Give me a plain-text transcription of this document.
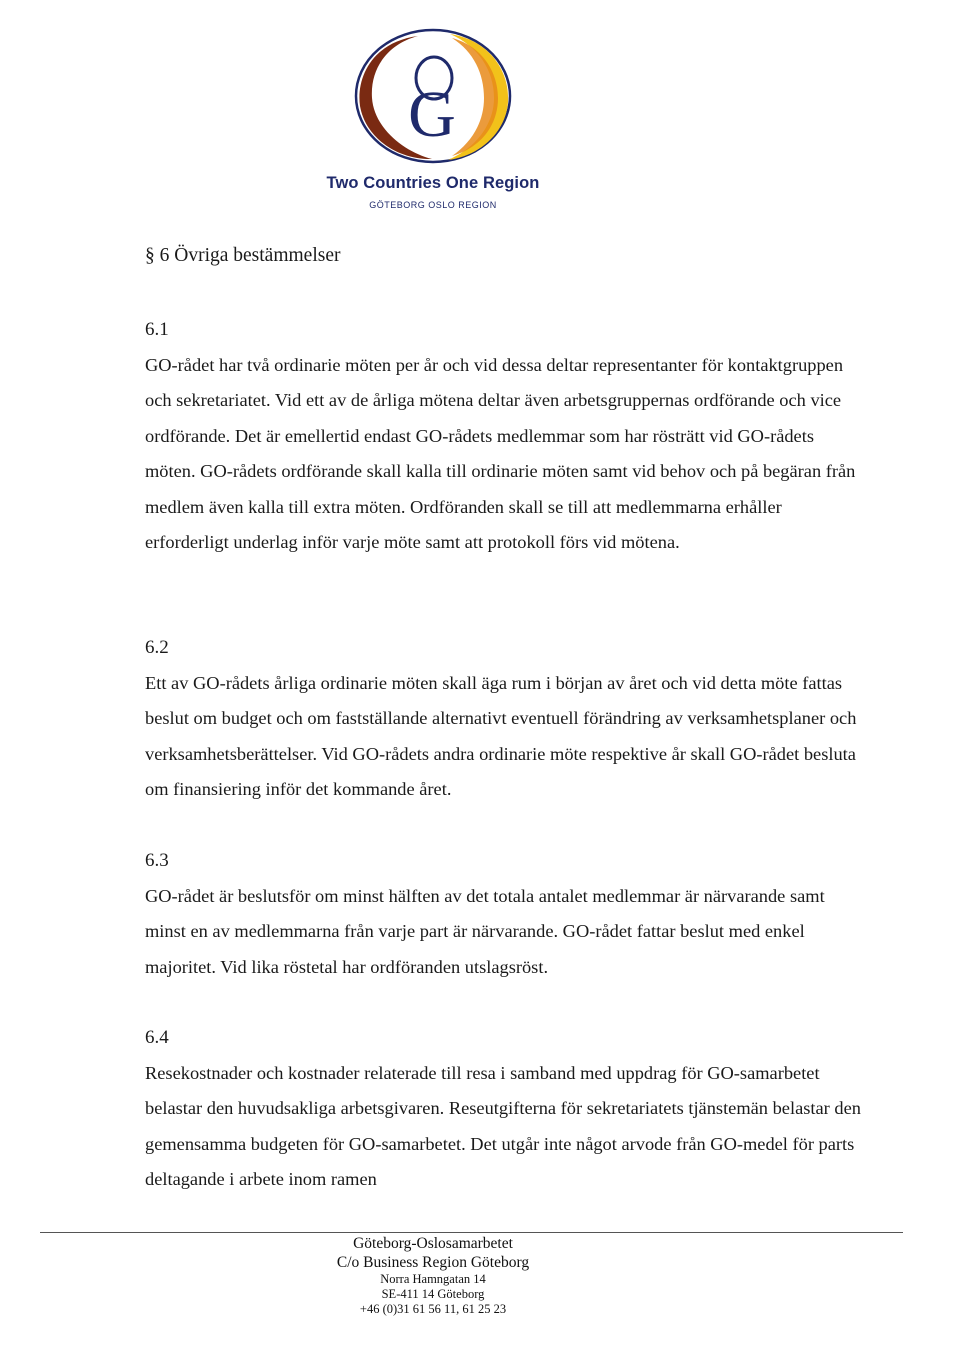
G
Two Countries One Region
GÖTEBORG OSLO REGION
§ 6 Övriga bestämmelser
6.1

GO-rådet har två ordinarie möten per år och vid dessa deltar representanter för kontaktgruppen och sekretariatet. Vid ett av de årliga mötena deltar även arbetsgruppernas ordförande och vice ordförande. Det är emellertid endast GO-rådets medlemmar som har rösträtt vid GO-rådets möten. GO-rådets ordförande skall kalla till ordinarie möten samt vid behov och på begäran från medlem även kalla till extra möten. Ordföranden skall se till att medlemmarna erhåller erforderligt underlag inför varje möte samt att protokoll förs vid mötena.

6.2

Ett av GO-rådets årliga ordinarie möten skall äga rum i början av året och vid detta möte fattas beslut om budget och om fastställande alternativt eventuell förändring av verksamhetsplaner och verksamhetsberättelser. Vid GO-rådets andra ordinarie möte respektive år skall GO-rådet besluta om finansiering inför det kommande året.

6.3

GO-rådet är beslutsför om minst hälften av det totala antalet medlemmar är närvarande samt minst en av medlemmarna från varje part är närvarande. GO-rådet fattar beslut med enkel majoritet. Vid lika röstetal har ordföranden utslagsröst.

6.4

Resekostnader och kostnader relaterade till resa i samband med uppdrag för GO-samarbetet belastar den huvudsakliga arbetsgivaren. Reseutgifterna för sekretariatets tjänstemän belastar den gemensamma budgeten för GO-samarbetet. Det utgår inte något arvode från GO-medel för parts deltagande i arbete inom ramen

Göteborg-Oslosamarbetet
C/o Business Region Göteborg
Norra Hamngatan 14
SE-411 14 Göteborg
+46 (0)31 61 56 11, 61 25 23
